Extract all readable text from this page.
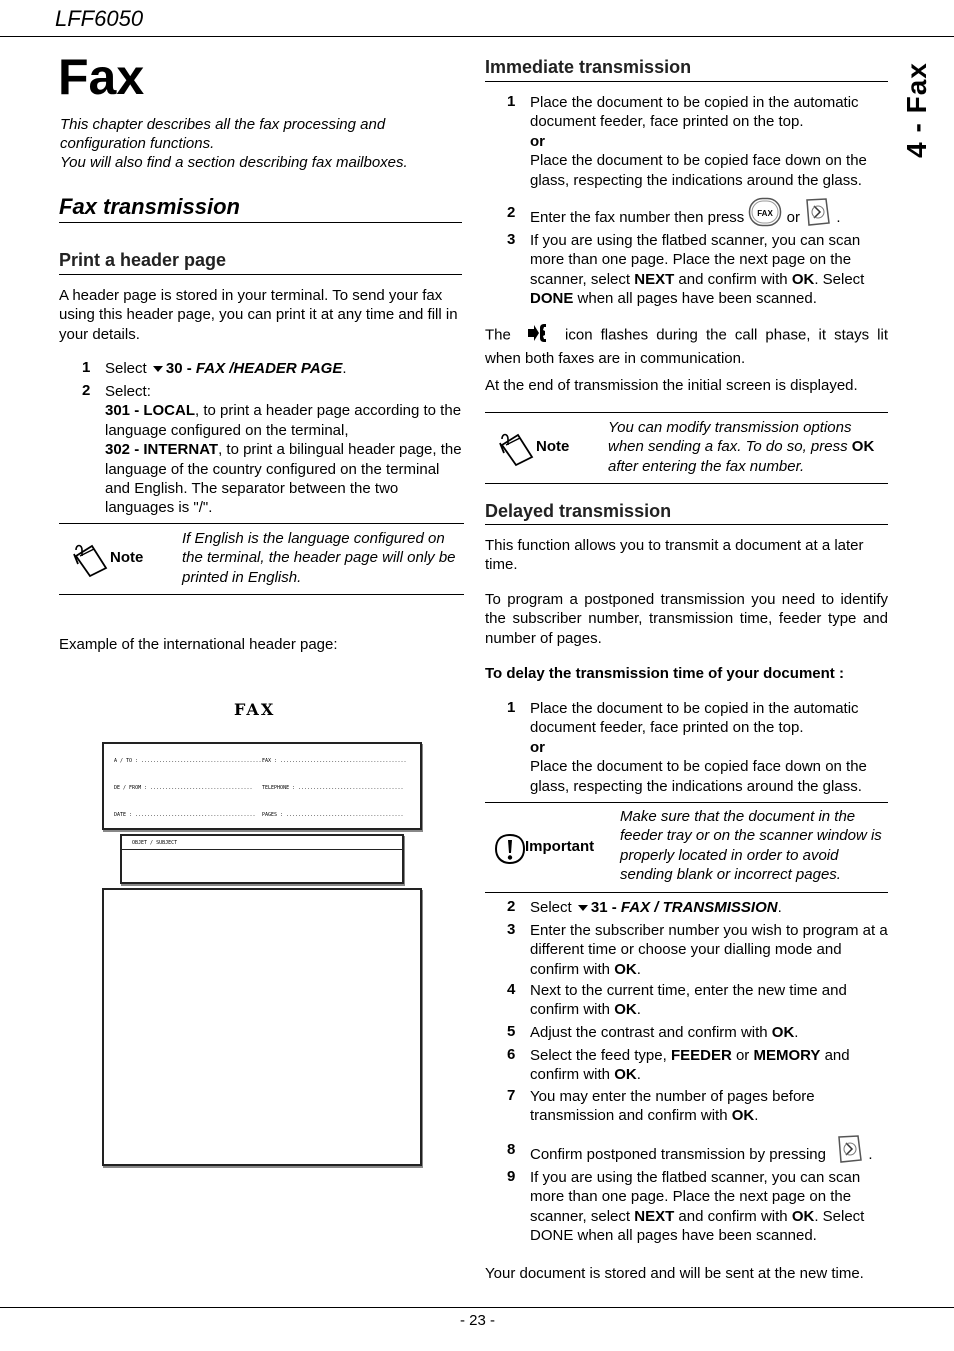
LFF6050
4 - Fax
Fax
This chapter describes all the fax processing and
configuration functions.
You will also find a section describing fax mailboxes.
Fax transmission
Print a header page
A header page is stored in your terminal. To send your fax using this header page, you can print it at any time and fill in your details.
1 Select 30 - FAX /HEADER PAGE.
2 Select:
301 - LOCAL, to print a header page according to the language configured on the terminal,
302 - INTERNAT, to print a bilingual header page, the language of the country configured on the terminal and English. The separator between the two languages is "/".
Note
If English is the language configured on the terminal, the header page will only be printed in English.
Example of the international header page:
FAX
A / TO : .........................................
DE / FROM : ..................................
DATE : ........................................
FAX : ..........................................
TELEPHONE : ...................................
PAGES : .......................................
OBJET / SUBJECT
Immediate transmission
1 Place the document to be copied in the automatic document feeder, face printed on the top.
or
Place the document to be copied face down on the glass, respecting the indications around the glass.
2 Enter the fax number then press FAX or .
3 If you are using the flatbed scanner, you can scan more than one page. Place the next page on the scanner, select NEXT and confirm with OK. Select DONE when all pages have been scanned.
The	icon flashes during the call phase, it stays lit when both faxes are in communication.
At the end of transmission the initial screen is displayed.
Note
You can modify transmission options when sending a fax. To do so, press OK after entering the fax number.
Delayed transmission
This function allows you to transmit a document at a later time.
To program a postponed transmission you need to identify the subscriber number, transmission time, feeder type and number of pages.
To delay the transmission time of your document :
1 Place the document to be copied in the automatic document feeder, face printed on the top.
or
Place the document to be copied face down on the glass, respecting the indications around the glass.
Important
Make sure that the document in the feeder tray or on the scanner window is properly located in order to avoid sending blank or incorrect pages.
2 Select 31 - FAX / TRANSMISSION.
3 Enter the subscriber number you wish to program at a different time or choose your dialling mode and confirm with OK.
4 Next to the current time, enter the new time and confirm with OK.
5 Adjust the contrast and confirm with OK.
6 Select the feed type, FEEDER or MEMORY and confirm with OK.
7 You may enter the number of pages before transmission and confirm with OK.
8 Confirm postponed transmission by pressing	.
9 If you are using the flatbed scanner, you can scan more than one page. Place the next page on the scanner, select NEXT and confirm with OK. Select DONE when all pages have been scanned.
Your document is stored and will be sent at the new time.
- 23 -
